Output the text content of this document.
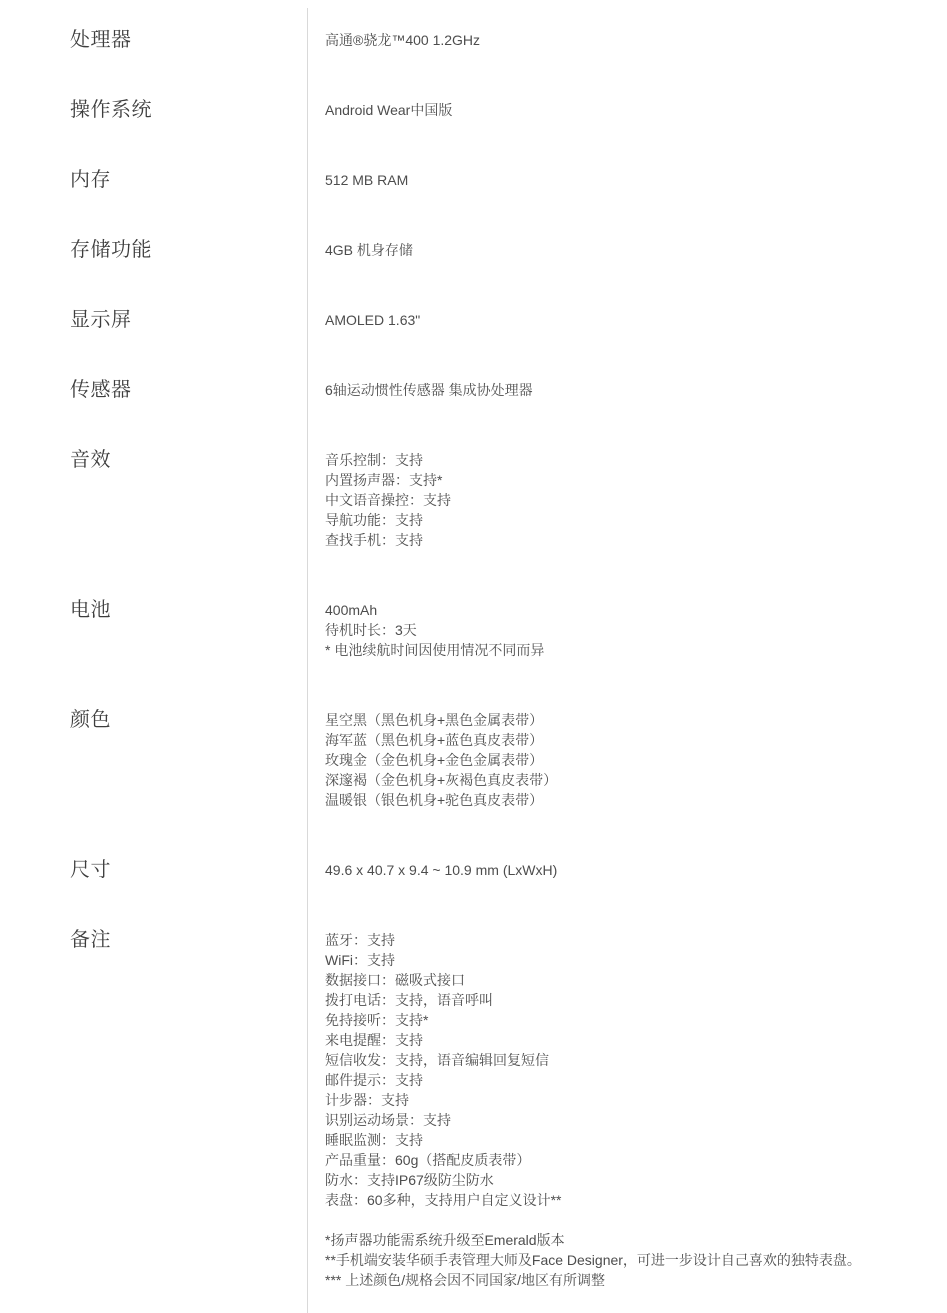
处理器	高通®骁龙™400 1.2GHz
操作系统	Android Wear中国版
内存	512 MB RAM
存储功能	4GB 机身存储
显示屏	AMOLED 1.63"
传感器	6轴运动惯性传感器 集成协处理器
音效	音乐控制：支持
内置扬声器：支持*
中文语音操控：支持
导航功能：支持
查找手机：支持
电池	400mAh
待机时长：3天
* 电池续航时间因使用情况不同而异
颜色	星空黑（黑色机身+黑色金属表带）
海军蓝（黑色机身+蓝色真皮表带）
玫瑰金（金色机身+金色金属表带）
深邃褐（金色机身+灰褐色真皮表带）
温暖银（银色机身+驼色真皮表带）
尺寸	49.6 x 40.7 x 9.4 ~ 10.9 mm (LxWxH)
备注	蓝牙：支持
WiFi：支持
数据接口：磁吸式接口
拨打电话：支持，语音呼叫
免持接听：支持*
来电提醒：支持
短信收发：支持，语音编辑回复短信
邮件提示：支持
计步器：支持
识别运动场景：支持
睡眠监测：支持
产品重量：60g（搭配皮质表带）
防水：支持IP67级防尘防水
表盘：60多种，支持用户自定义设计**
*扬声器功能需系统升级至Emerald版本
**手机端安装华硕手表管理大师及Face Designer，可进一步设计自己喜欢的独特表盘。
*** 上述颜色/规格会因不同国家/地区有所调整
